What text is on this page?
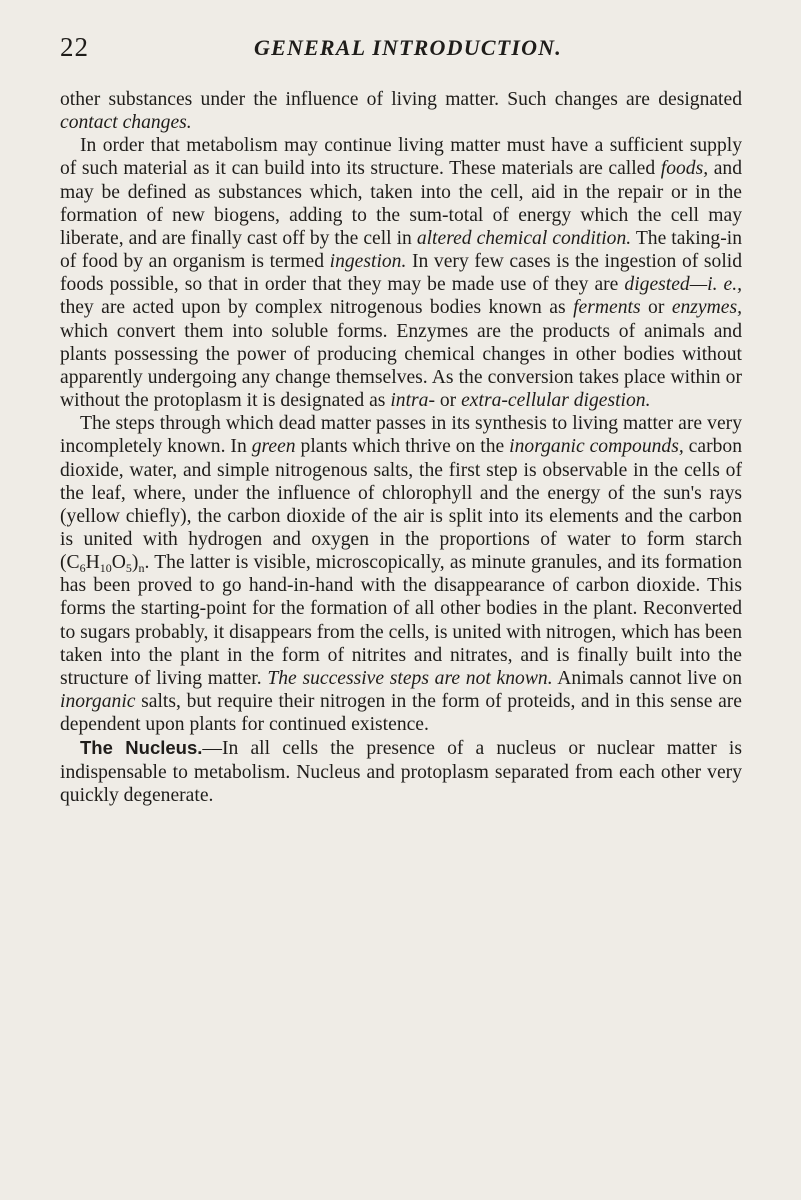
22	GENERAL INTRODUCTION.

other substances under the influence of living matter. Such changes are designated contact changes.

In order that metabolism may continue living matter must have a sufficient supply of such material as it can build into its structure. These materials are called foods, and may be defined as substances which, taken into the cell, aid in the repair or in the formation of new biogens, adding to the sum-total of energy which the cell may liberate, and are finally cast off by the cell in altered chemical condition. The taking-in of food by an organism is termed ingestion. In very few cases is the ingestion of solid foods possible, so that in order that they may be made use of they are digested—i. e., they are acted upon by complex nitrogenous bodies known as ferments or enzymes, which convert them into soluble forms. Enzymes are the products of animals and plants possessing the power of producing chemical changes in other bodies without apparently undergoing any change themselves. As the conversion takes place within or without the protoplasm it is designated as intra- or extra-cellular digestion.

The steps through which dead matter passes in its synthesis to living matter are very incompletely known. In green plants which thrive on the inorganic compounds, carbon dioxide, water, and simple nitrogenous salts, the first step is observable in the cells of the leaf, where, under the influence of chlorophyll and the energy of the sun's rays (yellow chiefly), the carbon dioxide of the air is split into its elements and the carbon is united with hydrogen and oxygen in the proportions of water to form starch $(C_6H_{10}O_5)_n$. The latter is visible, microscopically, as minute granules, and its formation has been proved to go hand-in-hand with the disappearance of carbon dioxide. This forms the starting-point for the formation of all other bodies in the plant. Reconverted to sugars probably, it disappears from the cells, is united with nitrogen, which has been taken into the plant in the form of nitrites and nitrates, and is finally built into the structure of living matter. The successive steps are not known. Animals cannot live on inorganic salts, but require their nitrogen in the form of proteids, and in this sense are dependent upon plants for continued existence.

The Nucleus.—In all cells the presence of a nucleus or nuclear matter is indispensable to metabolism. Nucleus and protoplasm separated from each other very quickly degenerate.
